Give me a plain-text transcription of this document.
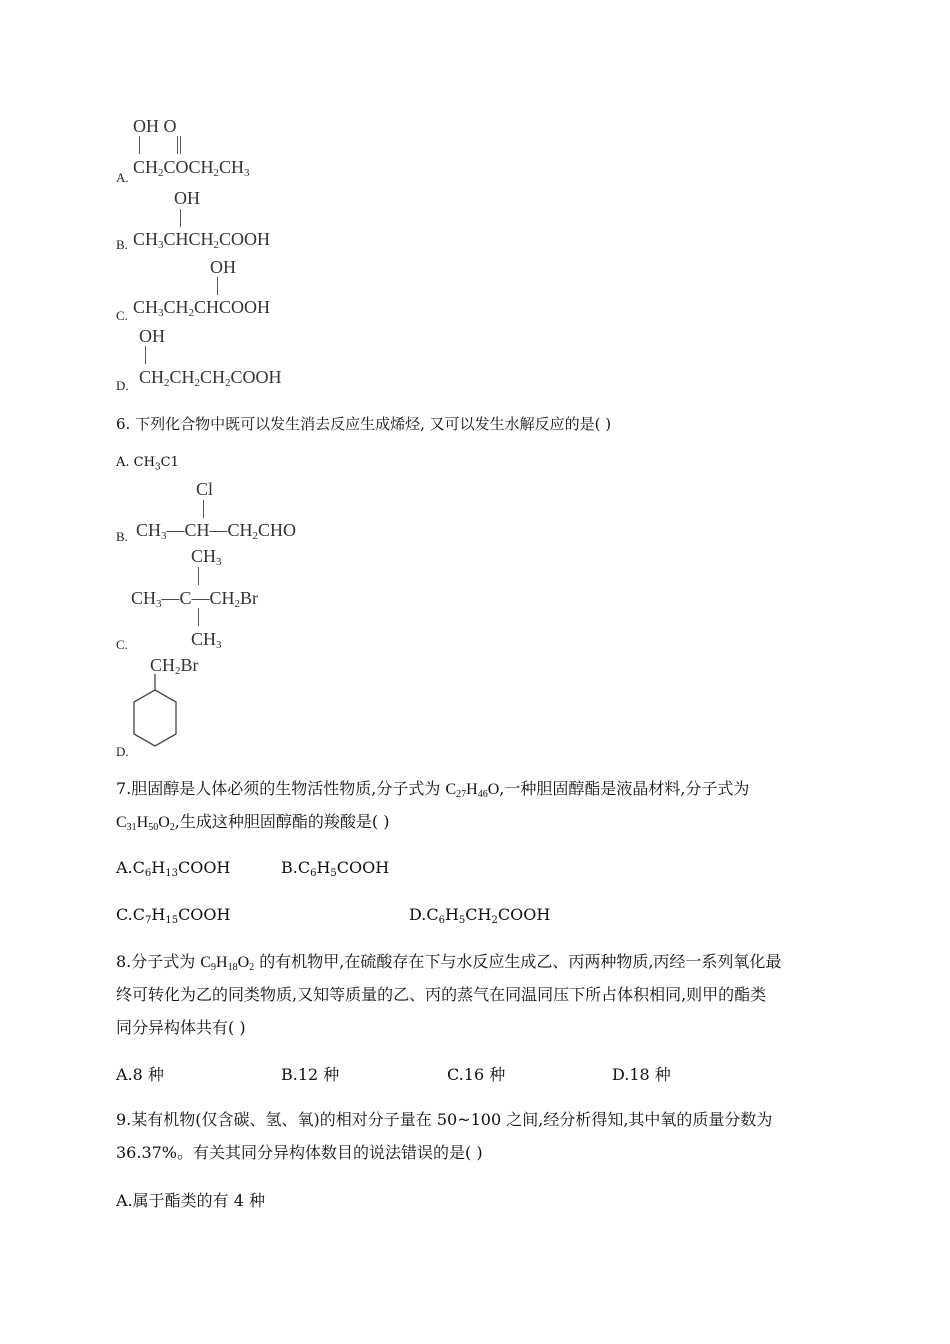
OH O
$CH_2COCH_2CH_3$
A.
OH
$CH_3CHCH_2COOH$
B.
OH
$CH_3CH_2CHCOOH$
C.
OH
$CH_2CH_2CH_2COOH$
D.
6. 下列化合物中既可以发生消去反应生成烯烃, 又可以发生水解反应的是( )
A. $CH_3C1$
Cl
$CH_3—CH—CH_2CHO$
B.
$CH_3$
$CH_3—C—CH_2Br$
$CH_3$
C.
$CH_2Br$
D.
7.胆固醇是人体必须的生物活性物质,分子式为 $C_{27}H_{46}O$,一种胆固醇酯是液晶材料,分子式为
$C_{31}H_{50}O_2$,生成这种胆固醇酯的羧酸是( )
$A.C_6H_{13}COOH$	$B.C_6H_5COOH$
$C.C_7H_{15}COOH$	$D.C_6H_5CH_2COOH$
8.分子式为 $C_9H_{18}O_2$ 的有机物甲,在硫酸存在下与水反应生成乙、丙两种物质,丙经一系列氧化最
终可转化为乙的同类物质,又知等质量的乙、丙的蒸气在同温同压下所占体积相同,则甲的酯类
同分异构体共有( )
A.8 种	B.12 种	C.16 种	D.18 种
9.某有机物(仅含碳、氢、氧)的相对分子量在 50~100 之间,经分析得知,其中氧的质量分数为
36.37%。有关其同分异构体数目的说法错误的是( )
A.属于酯类的有 4 种
